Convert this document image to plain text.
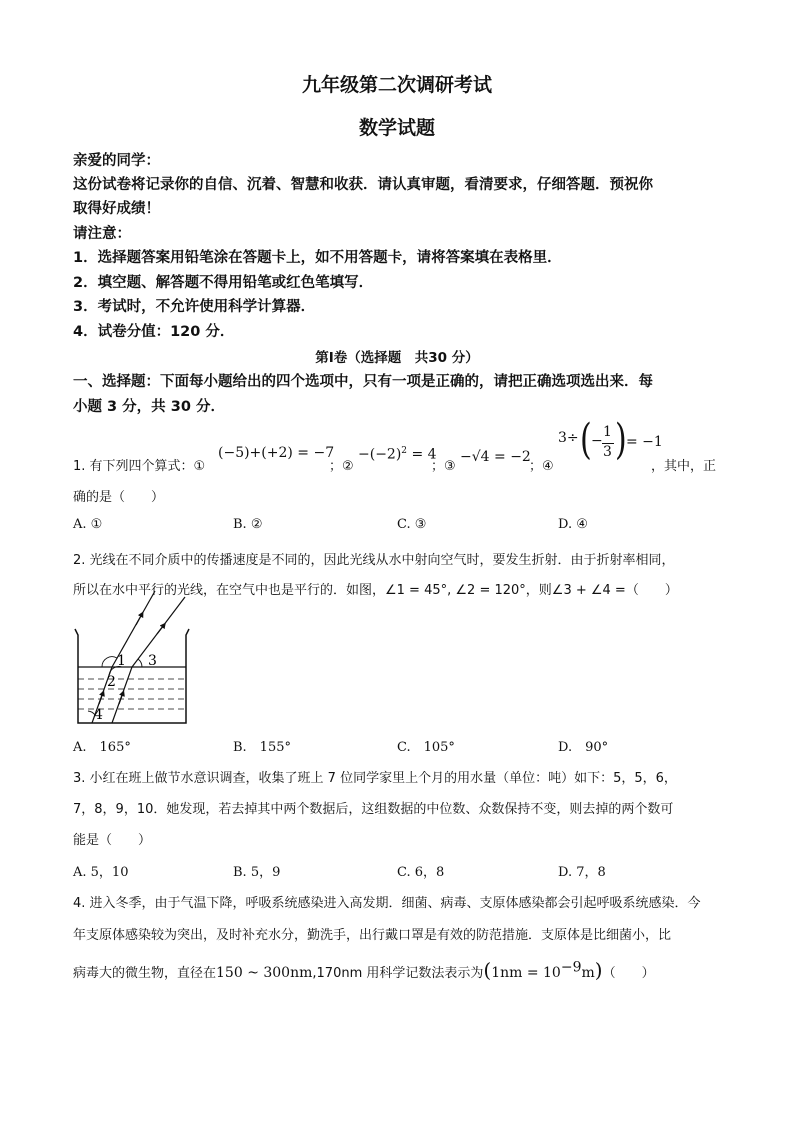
九年级第二次调研考试
数学试题
亲爱的同学：
这份试卷将记录你的自信、沉着、智慧和收获．请认真审题，看清要求，仔细答题．预祝你
取得好成绩！
请注意：
1．选择题答案用铅笔涂在答题卡上，如不用答题卡，请将答案填在表格里．
2．填空题、解答题不得用铅笔或红色笔填写．
3．考试时，不允许使用科学计算器．
4．试卷分值：120 分．
第Ⅰ卷（选择题　共30 分）
一、选择题：下面每小题给出的四个选项中，只有一项是正确的，请把正确选项选出来．每
小题 3 分，共 30 分．
1. 有下列四个算式：①
(−5)+(+2) = −7
；②
$-(-2)^2 = 4$
；③
−√4 = −2
；④
3÷ ( −
1
3 ) = −1
，其中，正
确的是（　　）
A. ①	B. ②	C. ③	D. ④
2. 光线在不同介质中的传播速度是不同的，因此光线从水中射向空气时，要发生折射．由于折射率相同，
所以在水中平行的光线，在空气中也是平行的．如图，∠1 = 45°, ∠2 = 120°，则∠3 + ∠4 =（　　）
1
2
3
4
A.　165°	B.　155°	C.　105°	D.　90°
3. 小红在班上做节水意识调查，收集了班上 7 位同学家里上个月的用水量（单位：吨）如下：5，5，6，
7，8，9，10．她发现，若去掉其中两个数据后，这组数据的中位数、众数保持不变，则去掉的两个数可
能是（　　）
A. 5，10	B. 5，9	C. 6，8	D. 7，8
4. 进入冬季，由于气温下降，呼吸系统感染进入高发期．细菌、病毒、支原体感染都会引起呼吸系统感染．今
年支原体感染较为突出，及时补充水分，勤洗手，出行戴口罩是有效的防范措施．支原体是比细菌小，比
病毒大的微生物，直径在150 ~ 300nm,170nm 用科学记数法表示为$(1nm = 10^{-9}m)$（　　）
